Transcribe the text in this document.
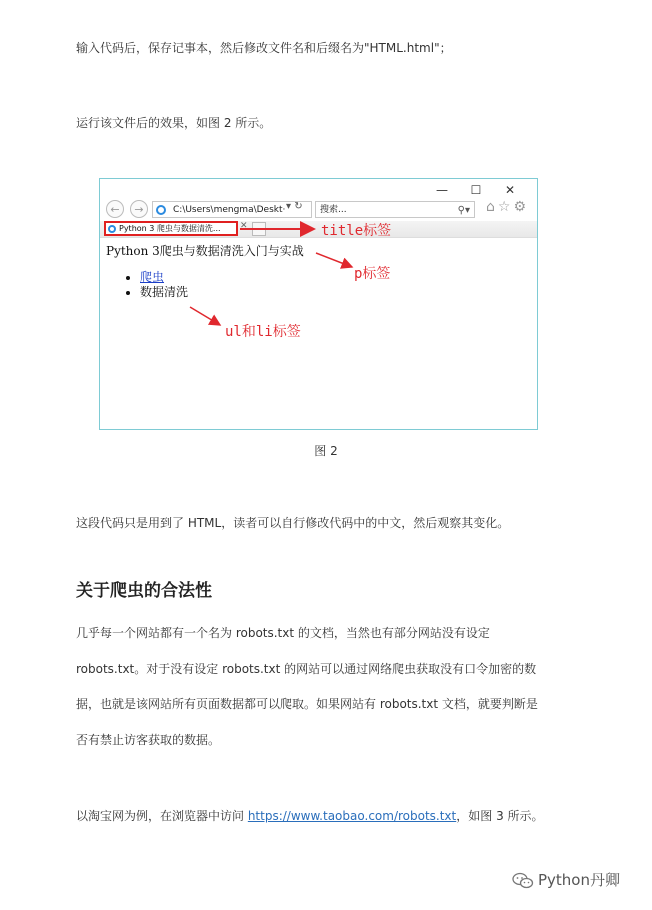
输入代码后，保存记事本，然后修改文件名和后缀名为"HTML.html"；
运行该文件后的效果，如图 2 所示。
— ☐ ✕
←	→	C:\Users\mengma\Deskt· ▾ ↻	搜索...	⚲▾ ⌂☆⚙
Python 3 爬虫与数据清洗...	✕
Python 3爬虫与数据清洗入门与实战
爬虫
数据清洗
title标签
p标签
ul和li标签
图 2
这段代码只是用到了 HTML，读者可以自行修改代码中的中文，然后观察其变化。
关于爬虫的合法性
几乎每一个网站都有一个名为 robots.txt 的文档，当然也有部分网站没有设定
robots.txt。对于没有设定 robots.txt 的网站可以通过网络爬虫获取没有口令加密的数
据，也就是该网站所有页面数据都可以爬取。如果网站有 robots.txt 文档，就要判断是
否有禁止访客获取的数据。
以淘宝网为例，在浏览器中访问 https://www.taobao.com/robots.txt，如图 3 所示。
Python丹卿
